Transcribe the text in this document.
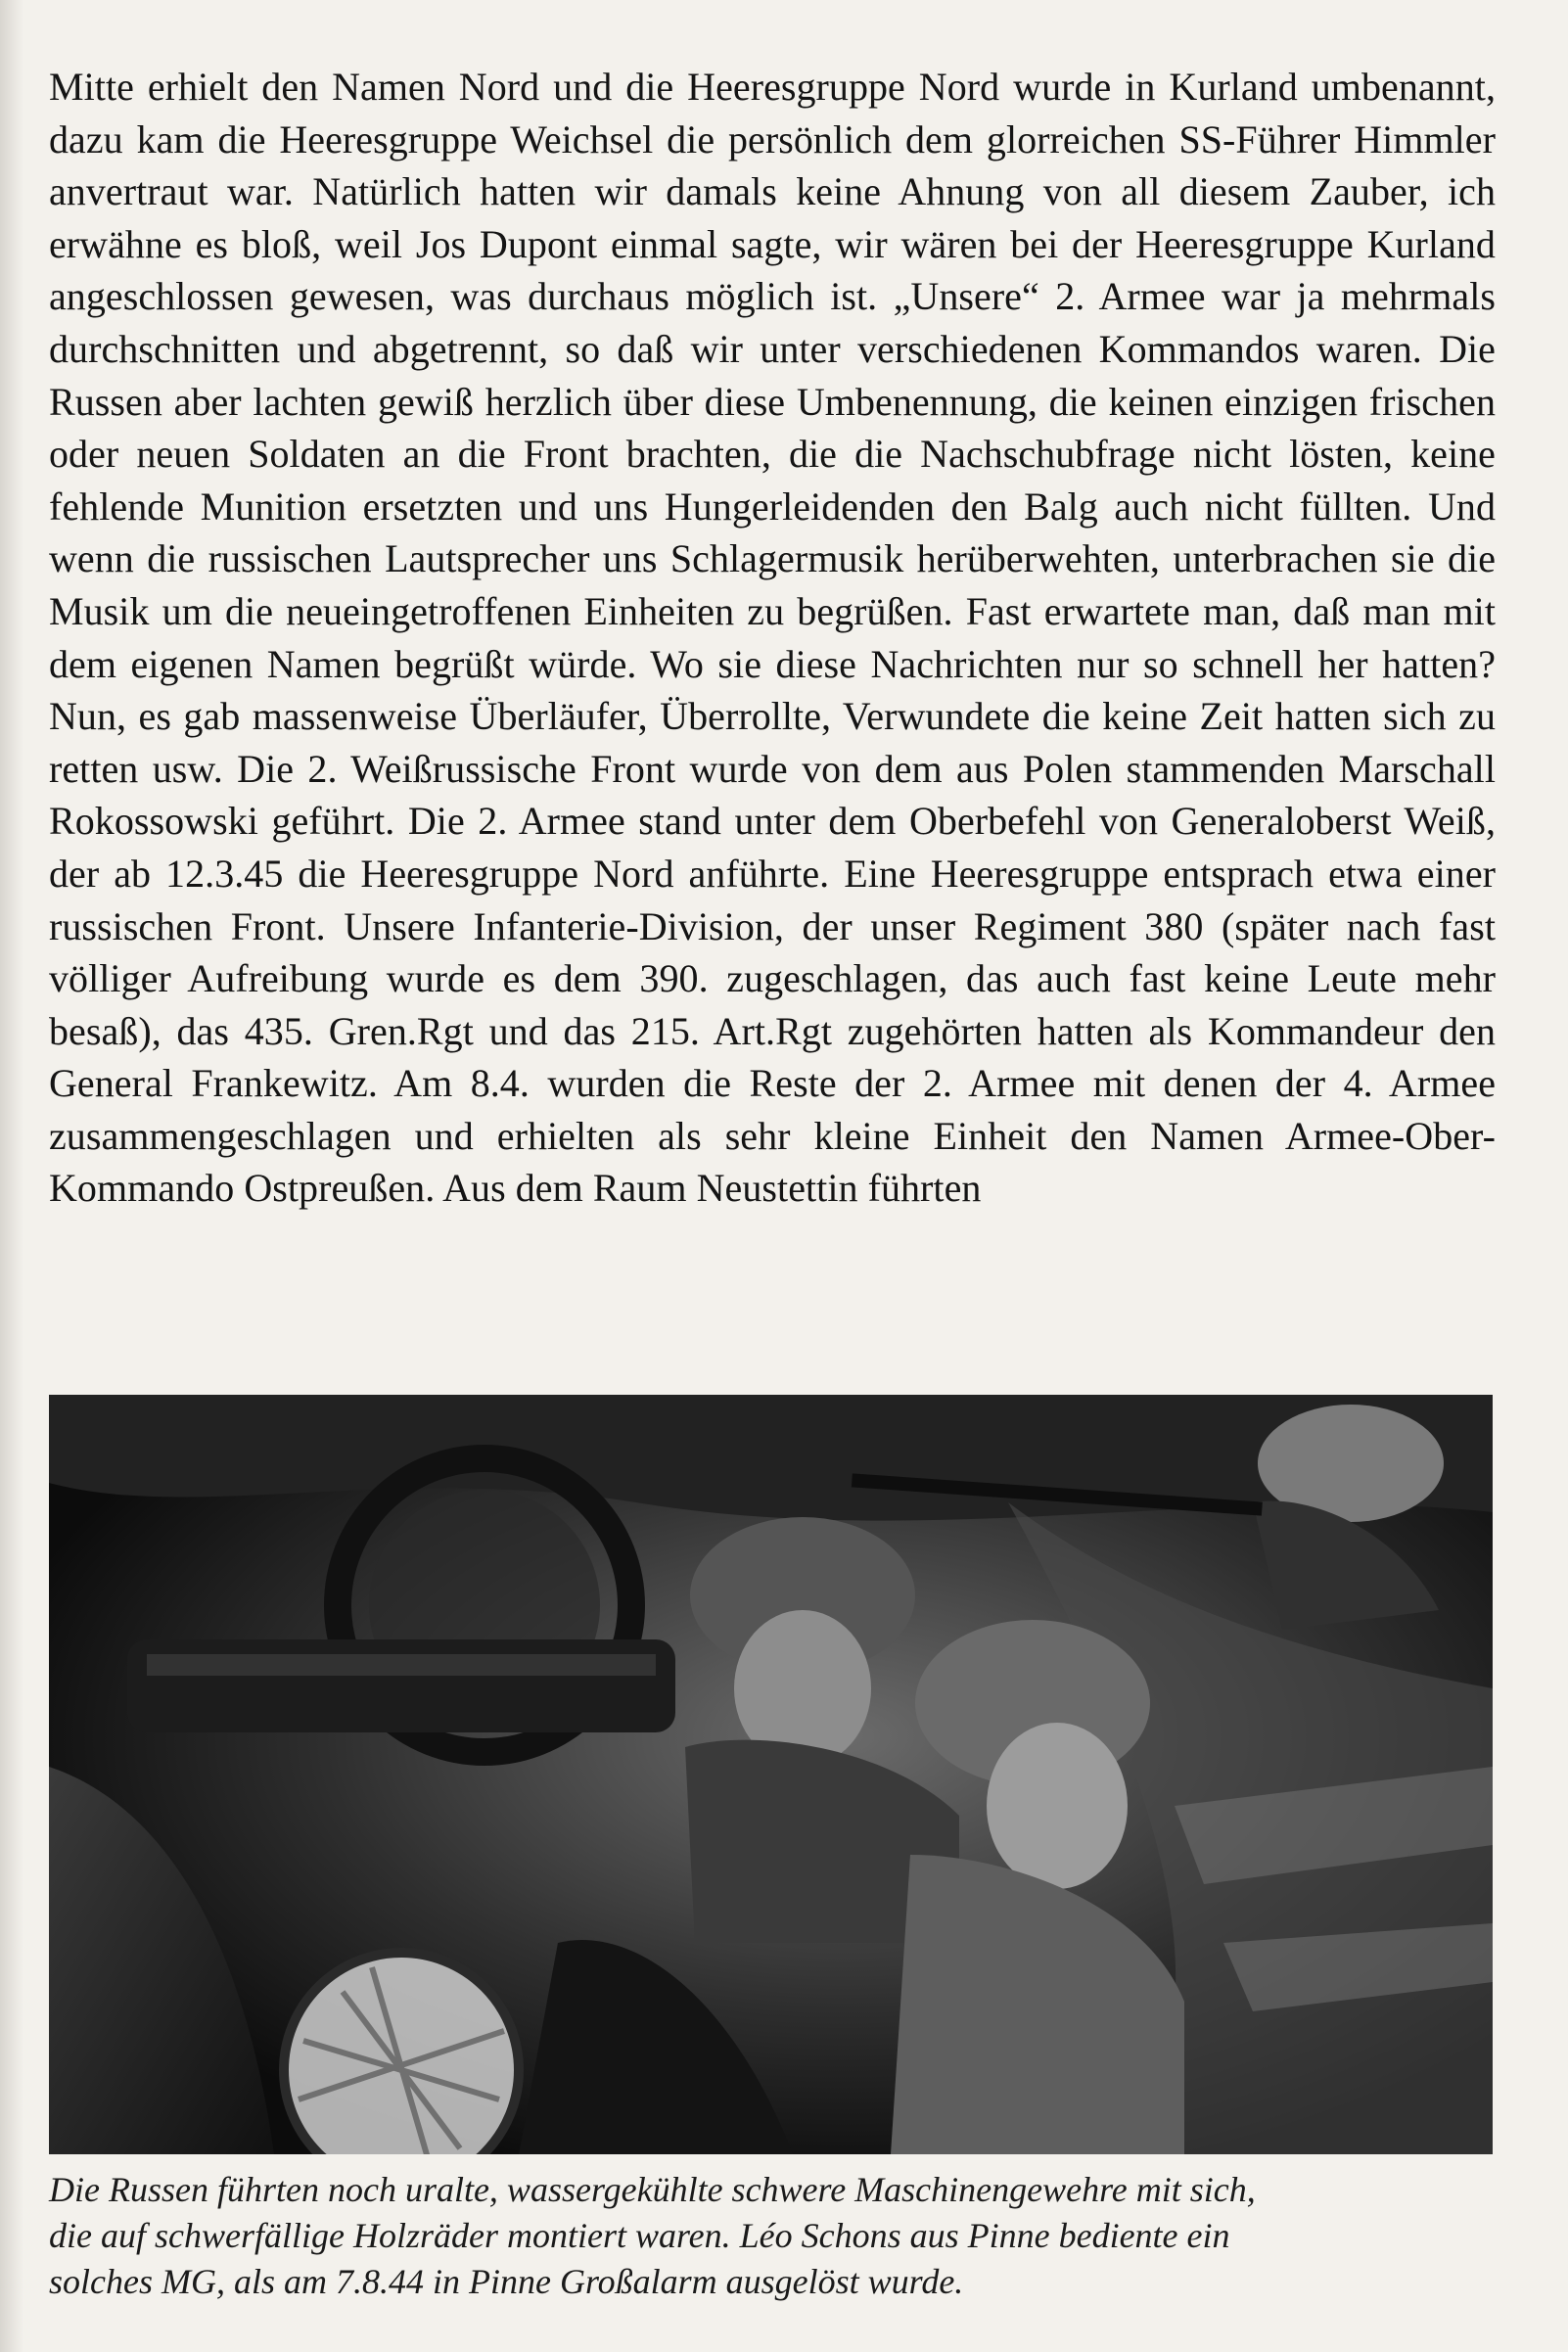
Mitte erhielt den Namen Nord und die Heeresgruppe Nord wurde in Kurland umbenannt, dazu kam die Heeresgruppe Weichsel die persönlich dem glorreichen SS-Führer Himmler anvertraut war. Natürlich hatten wir damals keine Ahnung von all diesem Zauber, ich erwähne es bloß, weil Jos Dupont einmal sagte, wir wären bei der Heeresgruppe Kurland angeschlossen gewesen, was durchaus möglich ist. „Unsere“ 2. Armee war ja mehrmals durchschnitten und abgetrennt, so daß wir unter verschiedenen Kommandos waren. Die Russen aber lachten gewiß herzlich über diese Umbenennung, die keinen einzigen frischen oder neuen Soldaten an die Front brachten, die die Nachschubfrage nicht lösten, keine fehlende Munition ersetzten und uns Hungerleidenden den Balg auch nicht füllten. Und wenn die russischen Lautsprecher uns Schlagermusik herüberwehten, unterbrachen sie die Musik um die neueingetroffenen Einheiten zu begrüßen. Fast erwartete man, daß man mit dem eigenen Namen begrüßt würde. Wo sie diese Nachrichten nur so schnell her hatten? Nun, es gab massenweise Überläufer, Überrollte, Verwundete die keine Zeit hatten sich zu retten usw. Die 2. Weißrussische Front wurde von dem aus Polen stammenden Marschall Rokossowski geführt. Die 2. Armee stand unter dem Oberbefehl von Generaloberst Weiß, der ab 12.3.45 die Heeresgruppe Nord anführte. Eine Heeresgruppe entsprach etwa einer russischen Front. Unsere Infanterie-Division, der unser Regiment 380 (später nach fast völliger Aufreibung wurde es dem 390. zugeschlagen, das auch fast keine Leute mehr besaß), das 435. Gren.Rgt und das 215. Art.Rgt zugehörten hatten als Kommandeur den General Frankewitz. Am 8.4. wurden die Reste der 2. Armee mit denen der 4. Armee zusammengeschlagen und erhielten als sehr kleine Einheit den Namen Armee-Ober-Kommando Ostpreußen. Aus dem Raum Neustettin führten

Die Russen führten noch uralte, wassergekühlte schwere Maschinengewehre mit sich,
die auf schwerfällige Holzräder montiert waren. Léo Schons aus Pinne bediente ein
solches MG, als am 7.8.44 in Pinne Großalarm ausgelöst wurde.
